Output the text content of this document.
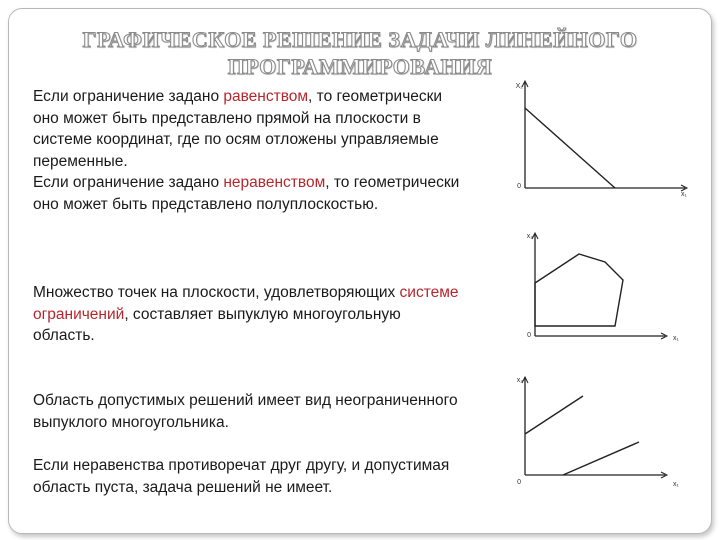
ГРАФИЧЕСКОЕ РЕШЕНИЕ ЗАДАЧИ ЛИНЕЙНОГО
ПРОГРАММИРОВАНИЯ
Если ограничение задано равенством, то геометрически оно может быть представлено прямой на плоскости в системе координат, где по осям отложены управляемые переменные.
Если ограничение задано неравенством, то геометрически оно может быть представлено полуплоскостью.
Множество точек на плоскости, удовлетворяющих системе ограничений, составляет выпуклую многоугольную область.
Область допустимых решений имеет вид неограниченного выпуклого многоугольника.
Если неравенства противоречат друг другу, и допустимая область пуста, задача решений не имеет.
X₂
x₁
0
x₂
x₁
0
x₂
x₁
0
